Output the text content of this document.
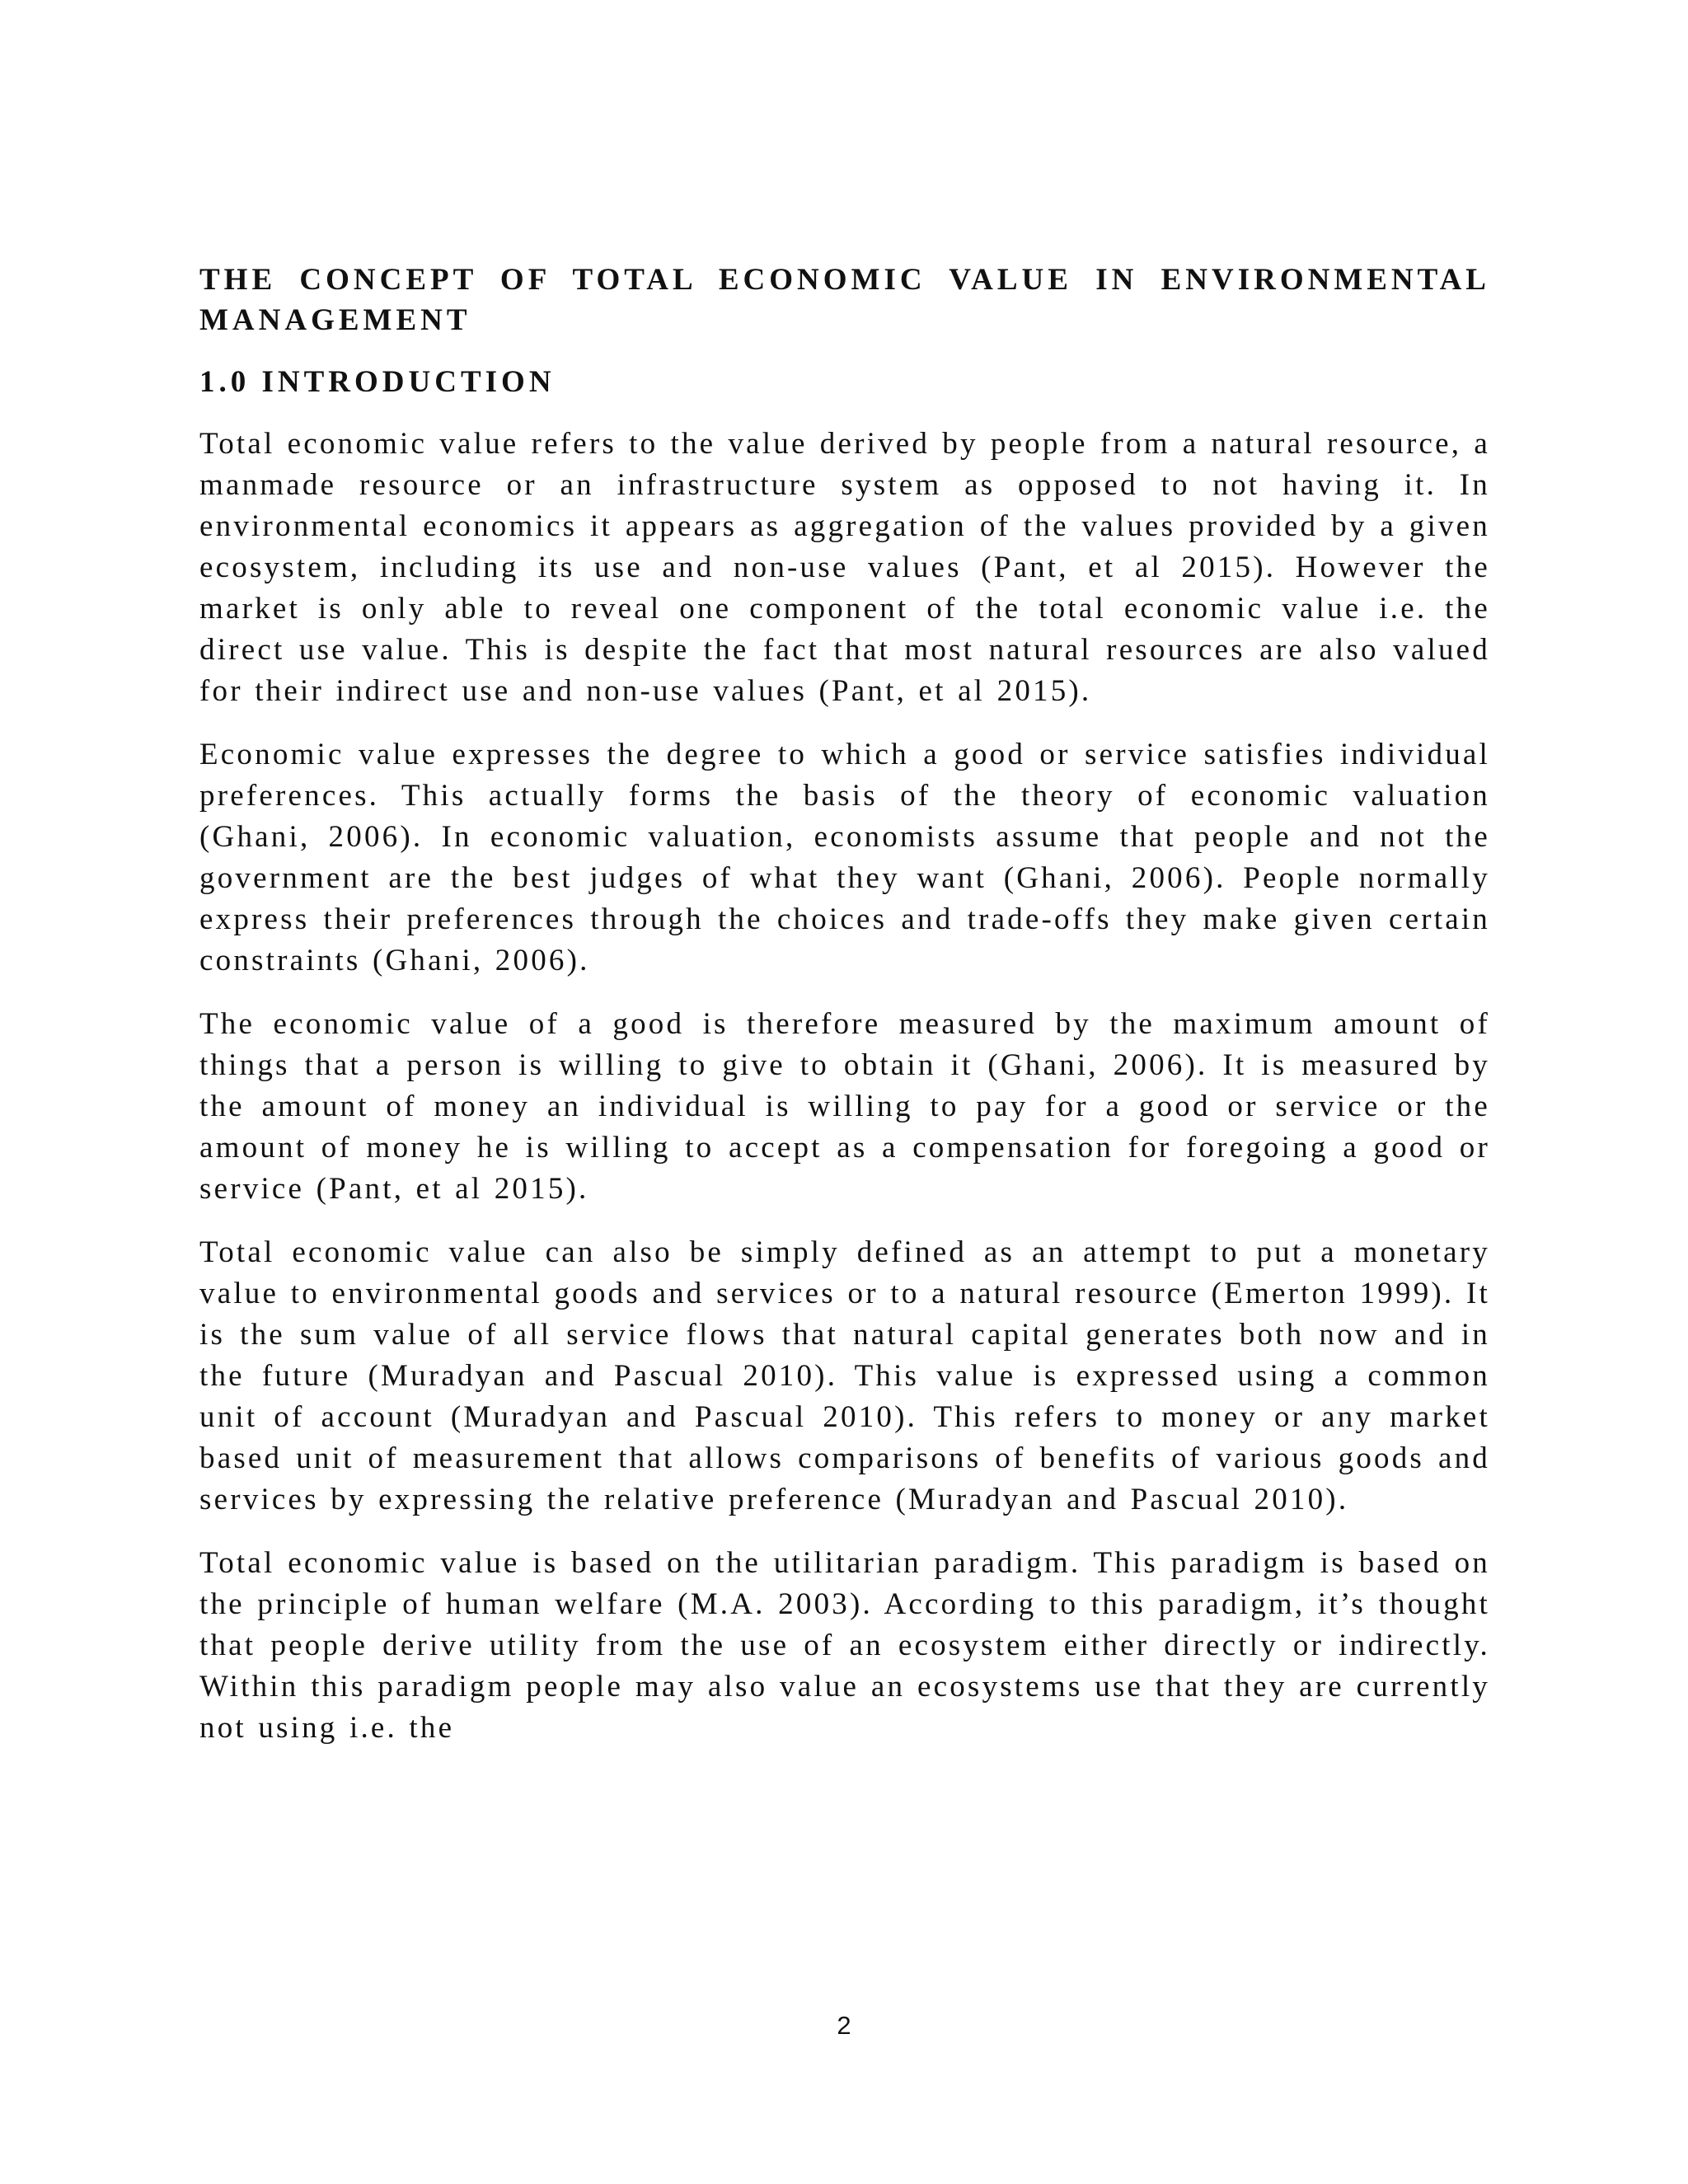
THE CONCEPT OF TOTAL ECONOMIC VALUE IN ENVIRONMENTAL MANAGEMENT
1.0 INTRODUCTION

Total economic value refers to the value derived by people from a natural resource, a manmade resource or an infrastructure system as opposed to not having it. In environmental economics it appears as aggregation of the values provided by a given ecosystem, including its use and non-use values (Pant, et al 2015). However the market is only able to reveal one component of the total economic value i.e. the direct use value. This is despite the fact that most natural resources are also valued for their indirect use and non-use values (Pant, et al 2015).

Economic value expresses the degree to which a good or service satisfies individual preferences. This actually forms the basis of the theory of economic valuation (Ghani, 2006). In economic valuation, economists assume that people and not the government are the best judges of what they want (Ghani, 2006). People normally express their preferences through the choices and trade-offs they make given certain constraints (Ghani, 2006).

The economic value of a good is therefore measured by the maximum amount of things that a person is willing to give to obtain it (Ghani, 2006). It is measured by the amount of money an individual is willing to pay for a good or service or the amount of money he is willing to accept as a compensation for foregoing a good or service (Pant, et al 2015).

Total economic value can also be simply defined as an attempt to put a monetary value to environmental goods and services or to a natural resource (Emerton 1999). It is the sum value of all service flows that natural capital generates both now and in the future (Muradyan and Pascual 2010). This value is expressed using a common unit of account (Muradyan and Pascual 2010). This refers to money or any market based unit of measurement that allows comparisons of benefits of various goods and services by expressing the relative preference (Muradyan and Pascual 2010).

Total economic value is based on the utilitarian paradigm. This paradigm is based on the principle of human welfare (M.A. 2003). According to this paradigm, it’s thought that people derive utility from the use of an ecosystem either directly or indirectly. Within this paradigm people may also value an ecosystems use that they are currently not using i.e. the

2
